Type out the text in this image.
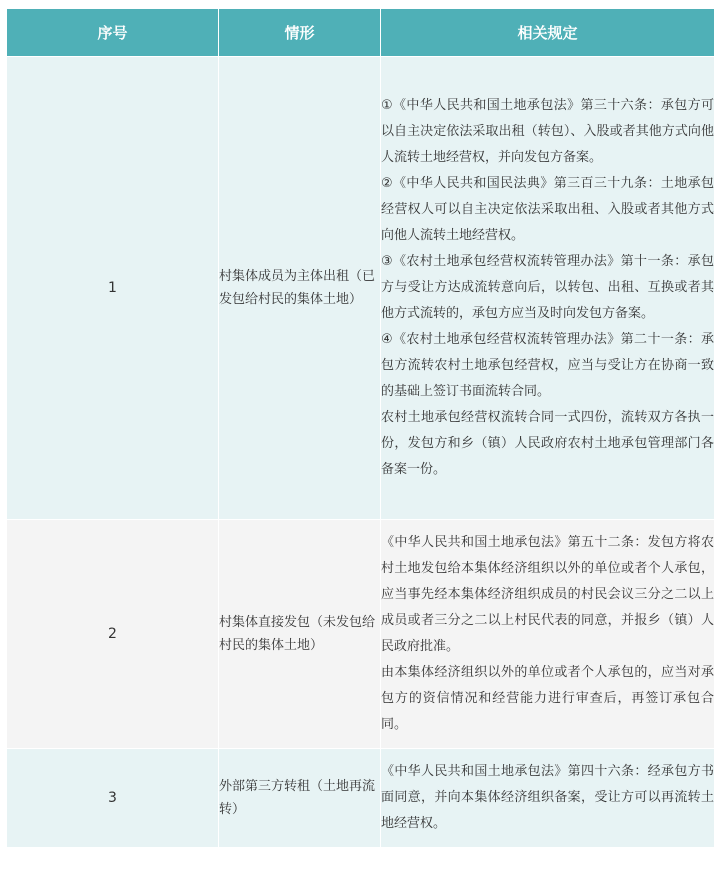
序号	情形	相关规定
1	村集体成员为主体出租（已发包给村民的集体土地）	①《中华人民共和国土地承包法》第三十六条：承包方可以自主决定依法采取出租（转包）、入股或者其他方式向他人流转土地经营权，并向发包方备案。

②《中华人民共和国民法典》第三百三十九条：土地承包经营权人可以自主决定依法采取出租、入股或者其他方式向他人流转土地经营权。

③《农村土地承包经营权流转管理办法》第十一条：承包方与受让方达成流转意向后，以转包、出租、互换或者其他方式流转的，承包方应当及时向发包方备案。

④《农村土地承包经营权流转管理办法》第二十一条：承包方流转农村土地承包经营权，应当与受让方在协商一致的基础上签订书面流转合同。

农村土地承包经营权流转合同一式四份，流转双方各执一份，发包方和乡（镇）人民政府农村土地承包管理部门各备案一份。

2	村集体直接发包（未发包给村民的集体土地）	《中华人民共和国土地承包法》第五十二条：发包方将农村土地发包给本集体经济组织以外的单位或者个人承包，应当事先经本集体经济组织成员的村民会议三分之二以上成员或者三分之二以上村民代表的同意，并报乡（镇）人民政府批准。

由本集体经济组织以外的单位或者个人承包的，应当对承包方的资信情况和经营能力进行审查后，再签订承包合同。

3	外部第三方转租（土地再流转）	《中华人民共和国土地承包法》第四十六条：经承包方书面同意，并向本集体经济组织备案，受让方可以再流转土地经营权。
